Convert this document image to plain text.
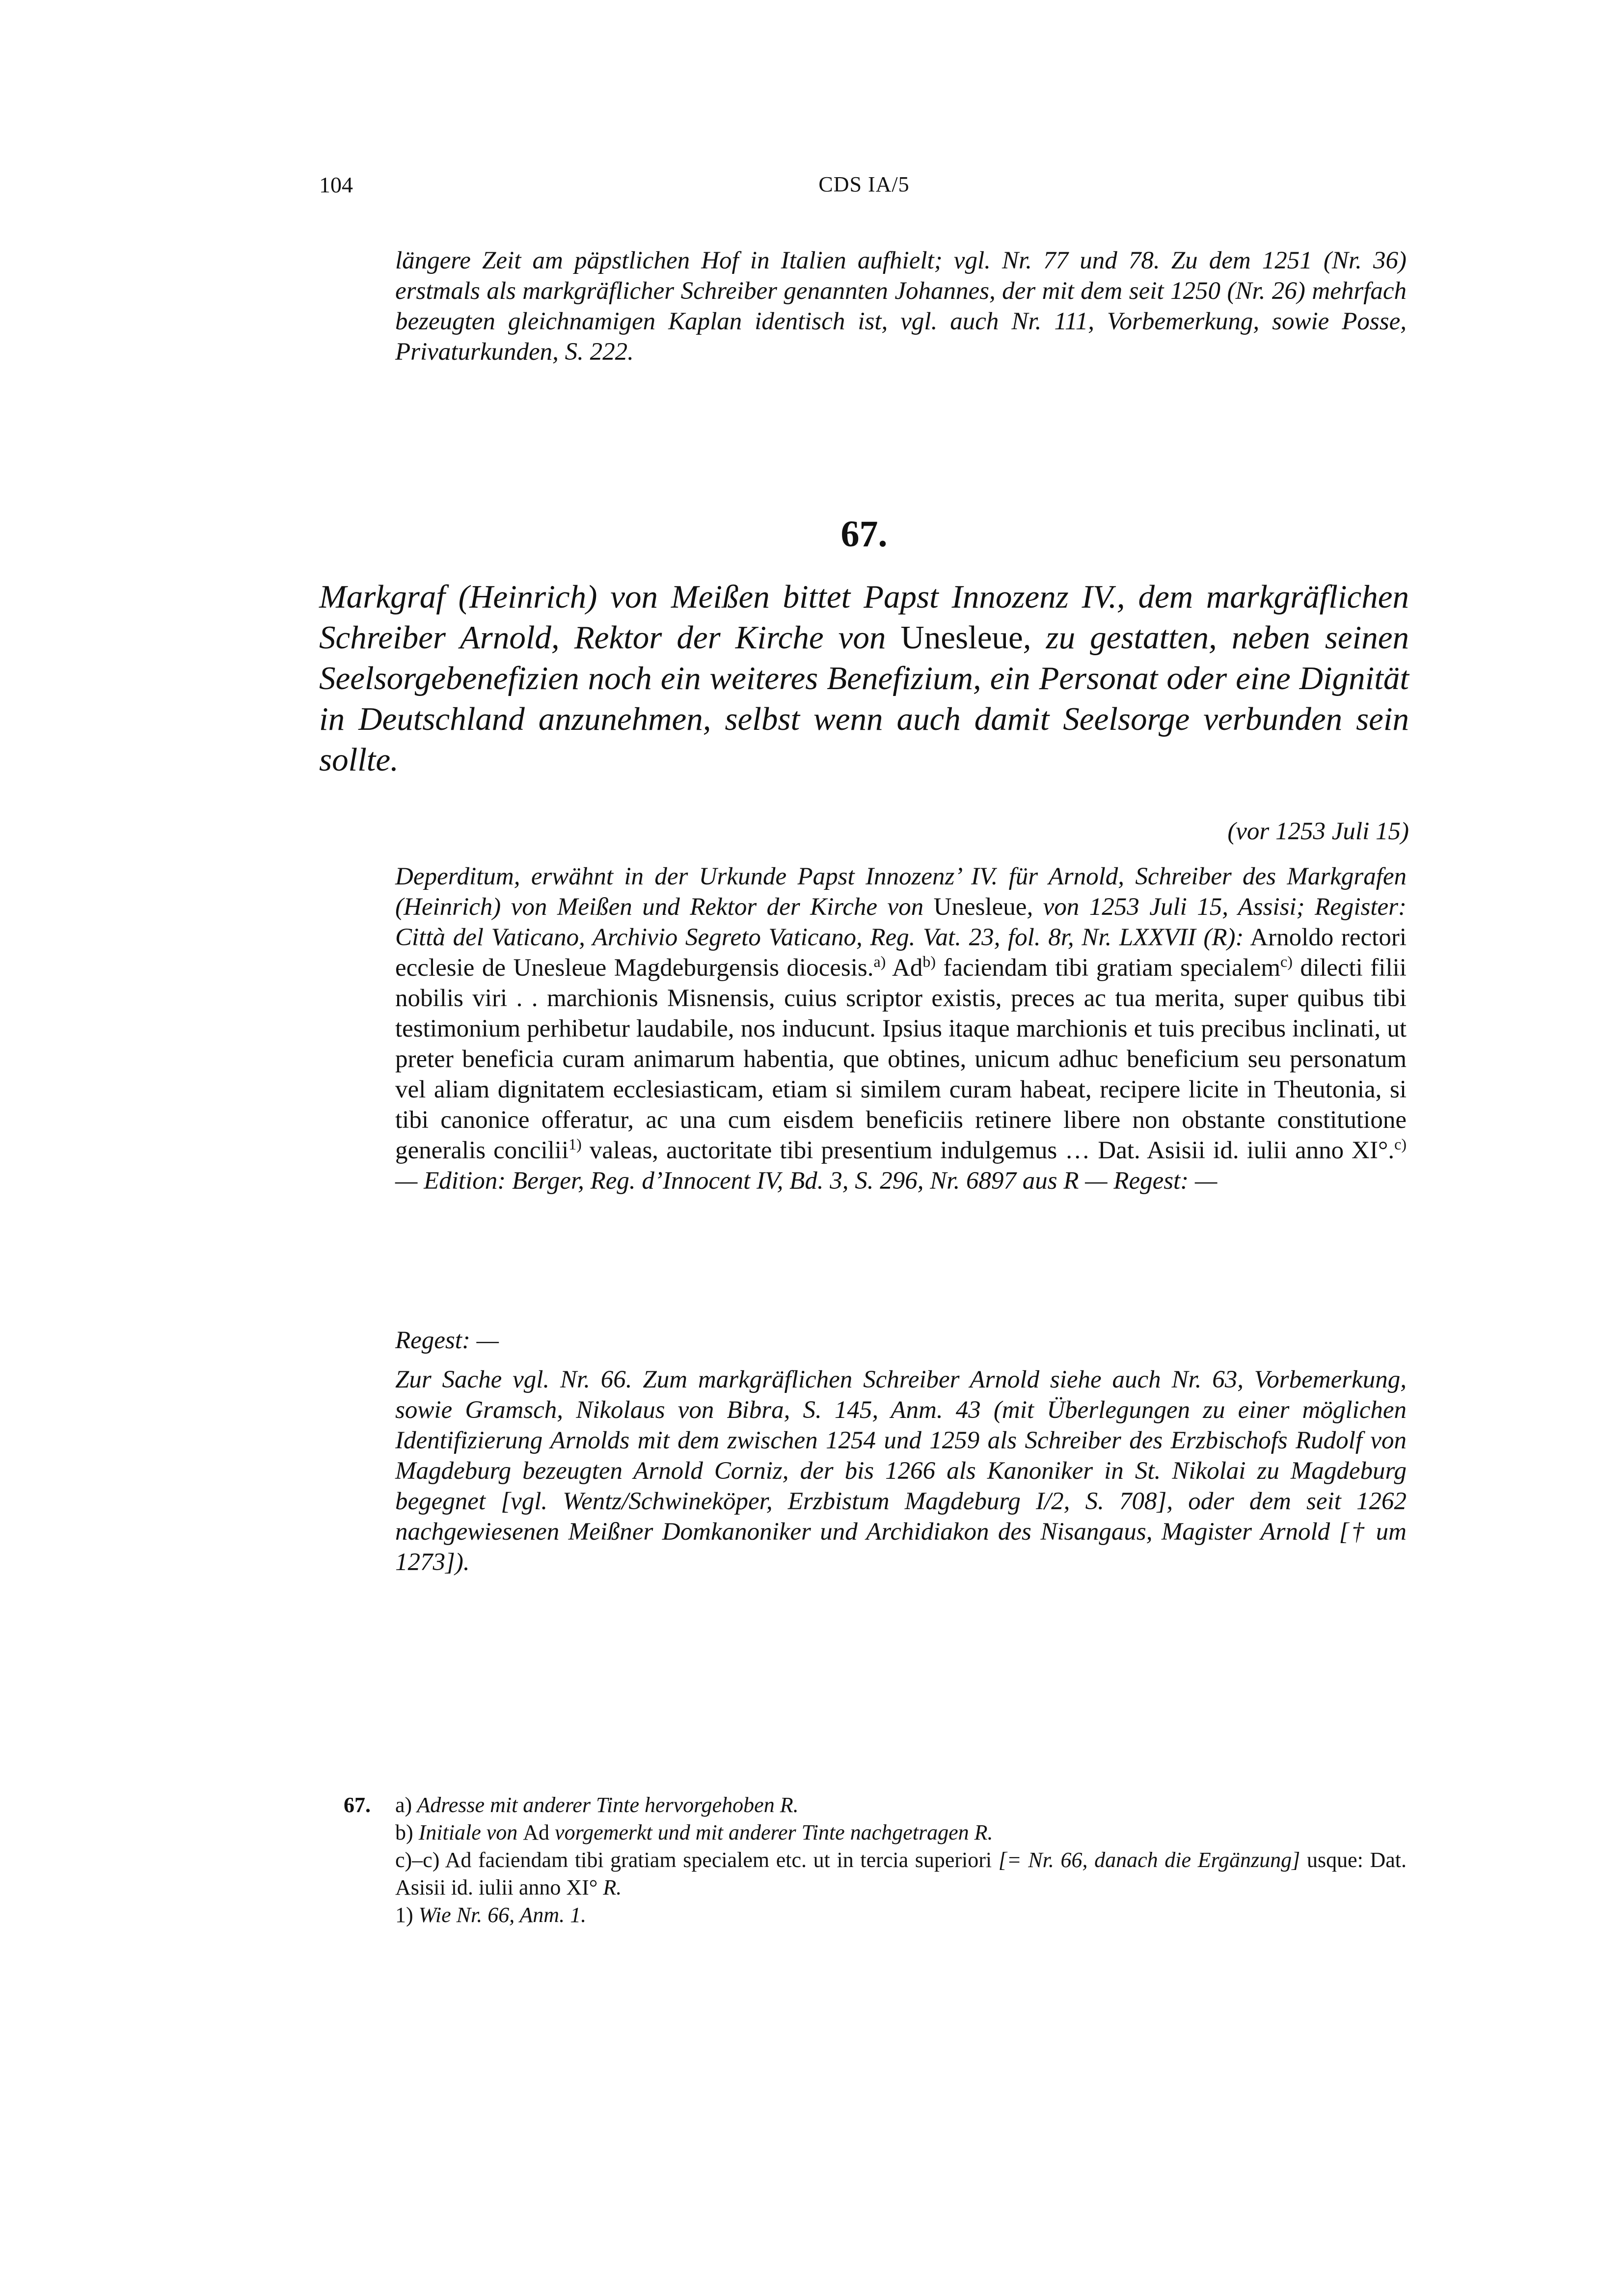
104	CDS IA/5

längere Zeit am päpstlichen Hof in Italien aufhielt; vgl. Nr. 77 und 78. Zu dem 1251 (Nr. 36) erstmals als markgräflicher Schreiber genannten Johannes, der mit dem seit 1250 (Nr. 26) mehrfach bezeugten gleichnamigen Kaplan identisch ist, vgl. auch Nr. 111, Vorbemerkung, sowie Posse, Privaturkunden, S. 222.

67.

Markgraf (Heinrich) von Meißen bittet Papst Innozenz IV., dem markgräflichen Schreiber Arnold, Rektor der Kirche von Unesleue, zu gestatten, neben seinen Seelsorgebenefizien noch ein weiteres Benefizium, ein Personat oder eine Dignität in Deutschland anzunehmen, selbst wenn auch damit Seelsorge verbunden sein sollte.

(vor 1253 Juli 15)

Deperditum, erwähnt in der Urkunde Papst Innozenz’ IV. für Arnold, Schreiber des Markgrafen (Heinrich) von Meißen und Rektor der Kirche von Unesleue, von 1253 Juli 15, Assisi; Register: Città del Vaticano, Archivio Segreto Vaticano, Reg. Vat. 23, fol. 8r, Nr. LXXVII (R): Arnoldo rectori ecclesie de Unesleue Magdeburgensis diocesis.$^{a)}$ Ad$^{b)}$ faciendam tibi gratiam specialem$^{c)}$ dilecti filii nobilis viri . . marchionis Misnensis, cuius scriptor existis, preces ac tua merita, super quibus tibi testimonium perhibetur laudabile, nos inducunt. Ipsius itaque marchionis et tuis precibus inclinati, ut preter beneficia curam animarum habentia, que obtines, unicum adhuc beneficium seu personatum vel aliam dignitatem ecclesiasticam, etiam si similem curam habeat, recipere licite in Theutonia, si tibi canonice offeratur, ac una cum eisdem beneficiis retinere libere non obstante constitutione generalis concilii$^{1)}$ valeas, auctoritate tibi presentium indulgemus … Dat. Asisii id. iulii anno XI°.$^{c)}$ — Edition: Berger, Reg. d’Innocent IV, Bd. 3, S. 296, Nr. 6897 aus R — Regest: —

Regest: —

Zur Sache vgl. Nr. 66. Zum markgräflichen Schreiber Arnold siehe auch Nr. 63, Vorbemerkung, sowie Gramsch, Nikolaus von Bibra, S. 145, Anm. 43 (mit Überlegungen zu einer möglichen Identifizierung Arnolds mit dem zwischen 1254 und 1259 als Schreiber des Erzbischofs Rudolf von Magdeburg bezeugten Arnold Corniz, der bis 1266 als Kanoniker in St. Nikolai zu Magdeburg begegnet [vgl. Wentz/Schwineköper, Erzbistum Magdeburg I/2, S. 708], oder dem seit 1262 nachgewiesenen Meißner Domkanoniker und Archidiakon des Nisangaus, Magister Arnold [† um 1273]).

67. a) Adresse mit anderer Tinte hervorgehoben R.

b) Initiale von Ad vorgemerkt und mit anderer Tinte nachgetragen R.

c)–c) Ad faciendam tibi gratiam specialem etc. ut in tercia superiori [= Nr. 66, danach die Ergänzung] usque: Dat. Asisii id. iulii anno XI° R.

1) Wie Nr. 66, Anm. 1.
